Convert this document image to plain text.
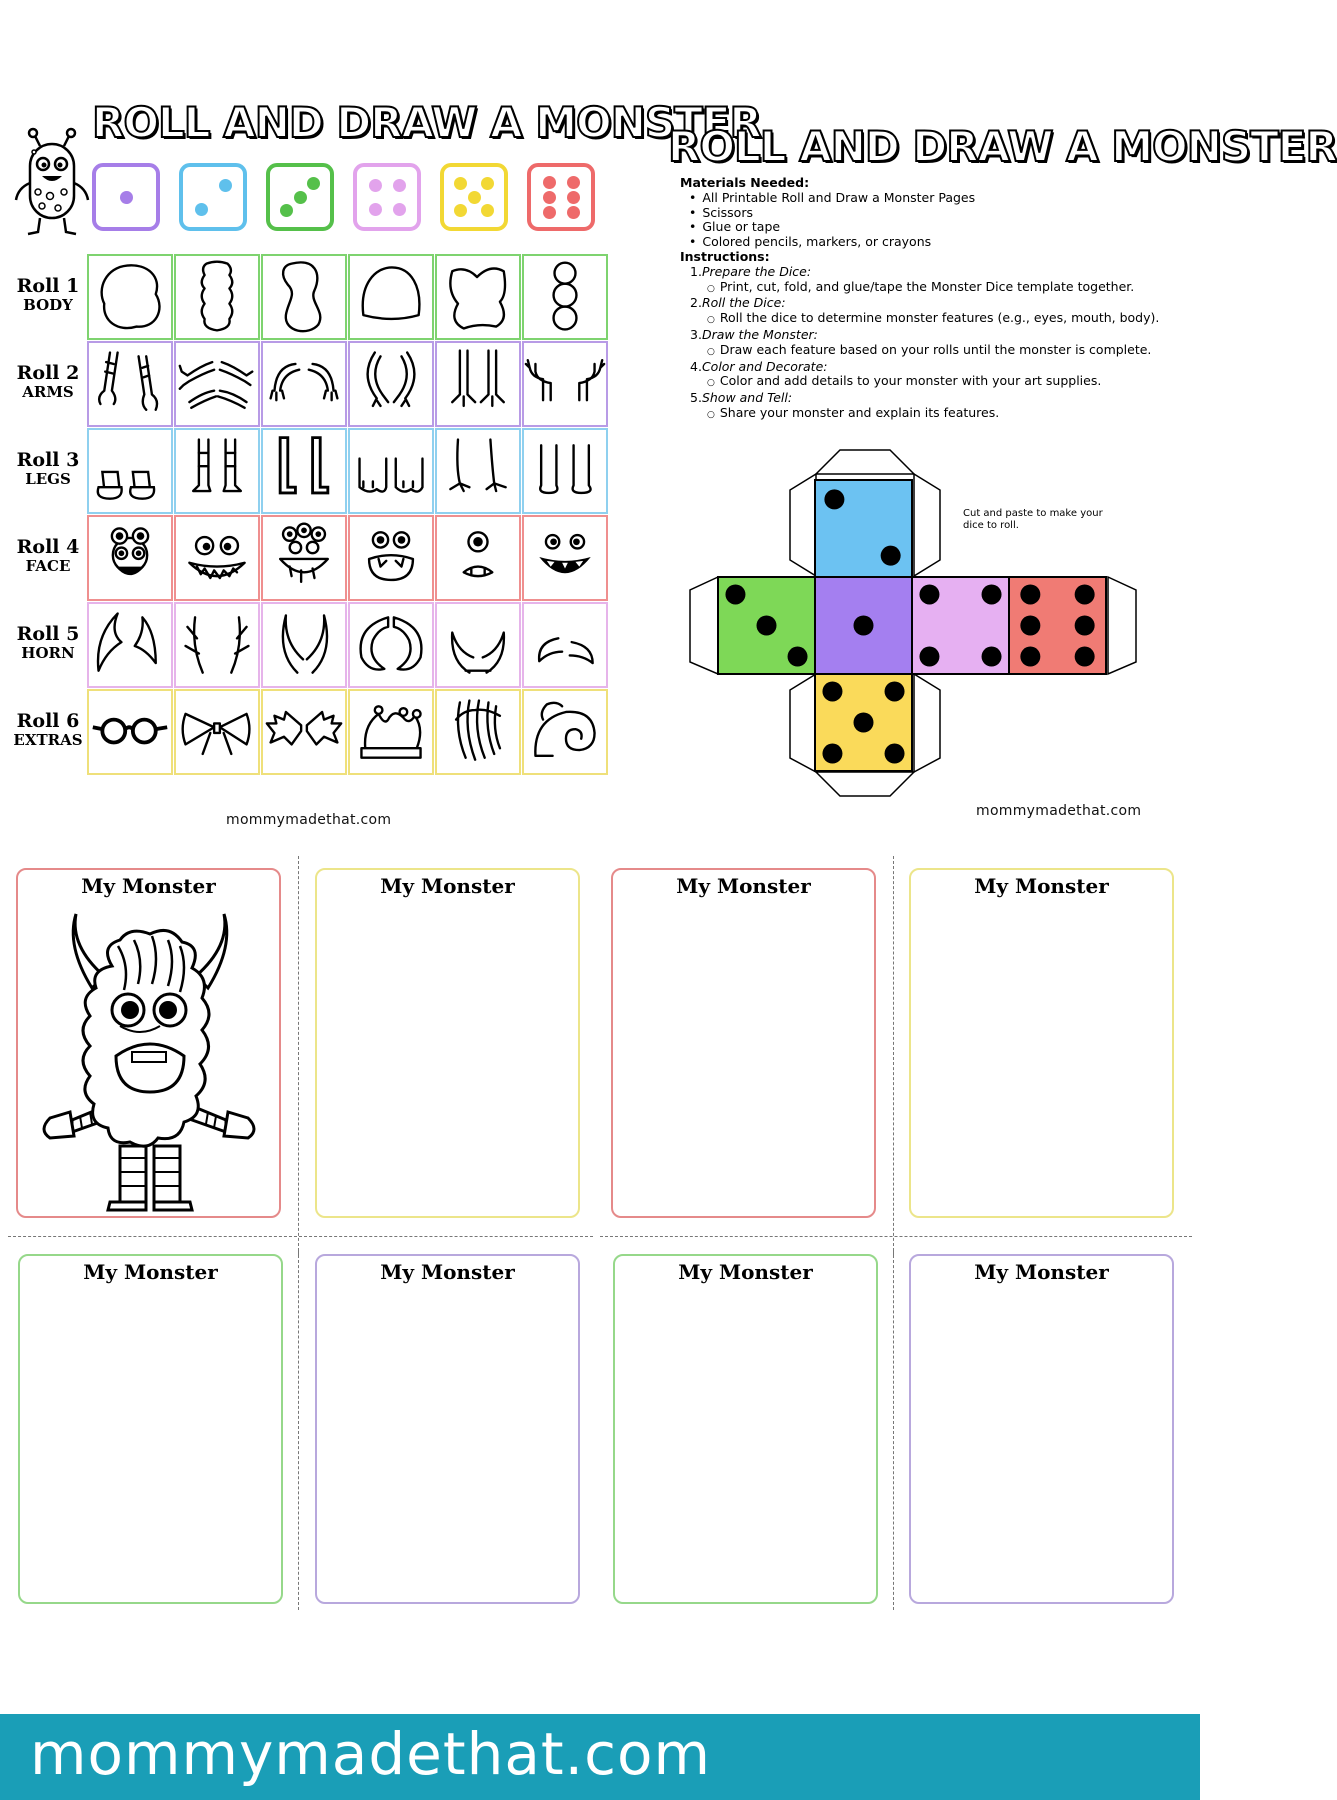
ROLL AND DRAW A MONSTER
Roll 1
BODY
Roll 2
ARMS
Roll 3
LEGS
Roll 4
FACE
Roll 5
HORN
Roll 6
EXTRAS
mommymadethat.com
ROLL AND DRAW A MONSTER
Materials Needed:
• All Printable Roll and Draw a Monster Pages
• Scissors
• Glue or tape
• Colored pencils, markers, or crayons
Instructions:
1.Prepare the Dice:
○ Print, cut, fold, and glue/tape the Monster Dice template together.
2.Roll the Dice:
○ Roll the dice to determine monster features (e.g., eyes, mouth, body).
3.Draw the Monster:
○ Draw each feature based on your rolls until the monster is complete.
4.Color and Decorate:
○ Color and add details to your monster with your art supplies.
5.Show and Tell:
○ Share your monster and explain its features.
Cut and paste to make your dice to roll.
mommymadethat.com
My Monster	My Monster	My Monster	My Monster
My Monster	My Monster	My Monster	My Monster
mommymadethat.com
